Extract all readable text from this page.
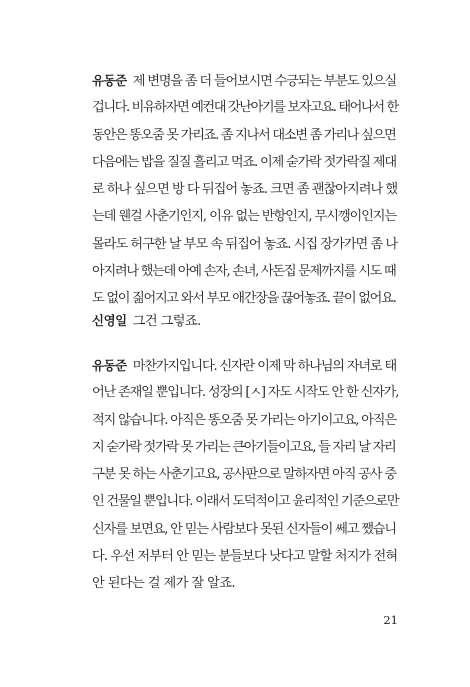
유동준 제 변명을 좀 더 들어보시면 수긍되는 부분도 있으실
겁니다. 비유하자면 예컨대 갓난아기를 보자고요. 태어나서 한
동안은 똥오줌 못 가리죠. 좀 지나서 대소변 좀 가리나 싶으면
다음에는 밥을 질질 흘리고 먹죠. 이제 숟가락 젓가락질 제대
로 하나 싶으면 방 다 뒤집어 놓죠. 크면 좀 괜찮아지려나 했
는데 웬걸 사춘기인지, 이유 없는 반항인지, 무시깽이인지는
몰라도 허구한 날 부모 속 뒤집어 놓죠. 시집 장가가면 좀 나
아지려나 했는데 아예 손자, 손녀, 사돈집 문제까지를 시도 때
도 없이 짊어지고 와서 부모 애간장을 끊어놓죠. 끝이 없어요.

신영일 그건 그렇죠.

유동준 마찬가지입니다. 신자란 이제 막 하나님의 자녀로 태
어난 존재일 뿐입니다. 성장의 [ㅅ] 자도 시작도 안 한 신자가,
적지 않습니다. 아직은 똥오줌 못 가리는 아기이고요, 아직은
지 숟가락 젓가락 못 가리는 큰아기들이고요, 들 자리 날 자리
구분 못 하는 사춘기고요, 공사판으로 말하자면 아직 공사 중
인 건물일 뿐입니다. 이래서 도덕적이고 윤리적인 기준으로만
신자를 보면요, 안 믿는 사람보다 못된 신자들이 쎄고 쨌습니
다. 우선 저부터 안 믿는 분들보다 낫다고 말할 처지가 전혀
안 된다는 걸 제가 잘 알죠.

21
